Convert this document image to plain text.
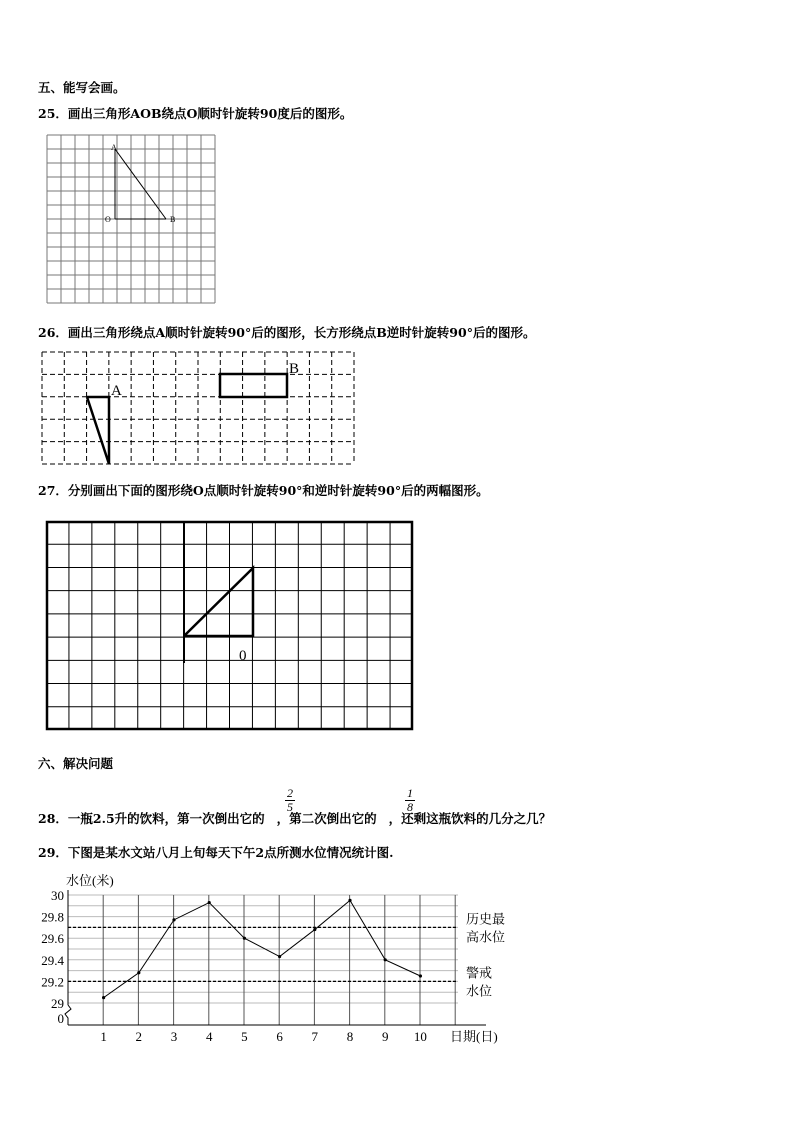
五、能写会画。
25．画出三角形AOB绕点O顺时针旋转90度后的图形。
A
O	B
26．画出三角形绕点A顺时针旋转90°后的图形，长方形绕点B逆时针旋转90°后的图形。
A
B
27．分别画出下面的图形绕O点顺时针旋转90°和逆时针旋转90°后的两幅图形。
0
六、解决问题
28．一瓶2.5升的饮料，第一次倒出它的 ，第二次倒出它的 ，还剩这瓶饮料的几分之几？
$\frac{2}{5}$	$\frac{1}{8}$
29．下图是某水文站八月上旬每天下午2点所测水位情况统计图.
历史最
高水位
警戒
水位
30
29.8
29.6
29.4
29.2
29
0
1 2 3 4 5 6 7 8 9 10
水位(米)
日期(日)
